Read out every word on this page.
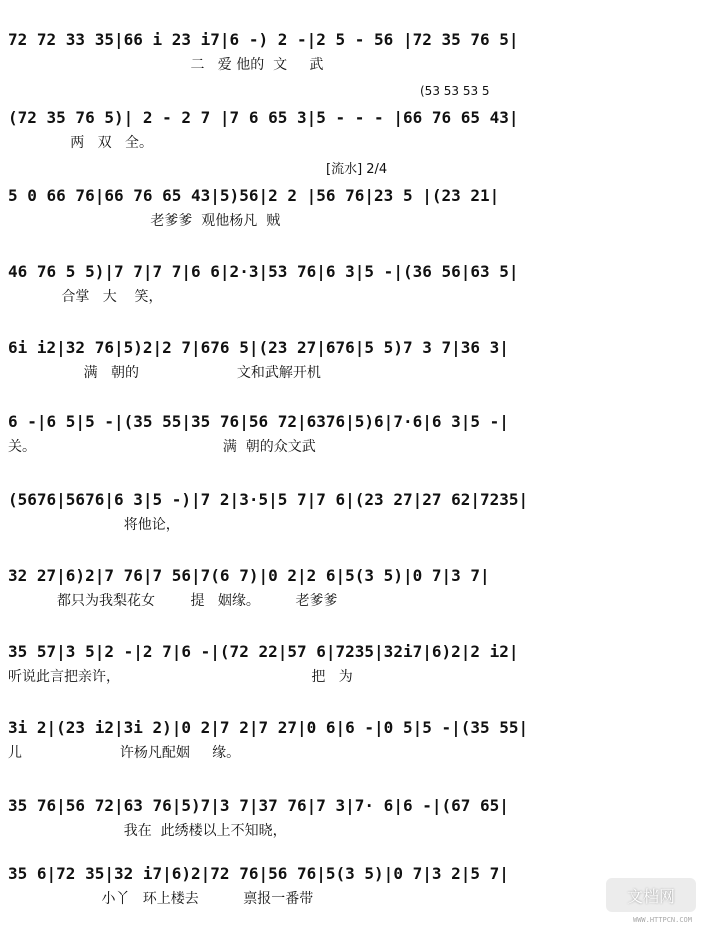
72 72 33 35|66 i 23 i7|6 -) 2 -|2 5 - 56 |72 35 76 5|
二   爱 他的  文     武
(53 53 53 5
(72 35 76 5)| 2 - 2 7 |7 6 65 3|5 - - - |66 76 65 43|
两   双   全。
[流水] 2/4
5 0 66 76|66 76 65 43|5)56|2 2 |56 76|23 5 |(23 21|
老爹爹  观他杨凡  贼
46 76 5 5)|7 7|7 7|6 6|2·3|53 76|6 3|5 -|(36 56|63 5|
合掌   大    笑，
6i i2|32 76|5)2|2 7|676 5|(23 27|676|5 5)7 3 7|36 3|
满   朝的                      文和武解开机
6 -|6 5|5 -|(35 55|35 76|56 72|6376|5)6|7·6|6 3|5 -|
关。                                          满  朝的众文武
(5676|5676|6 3|5 -)|7 2|3·5|5 7|7 6|(23 27|27 62|7235|
将他论，
32 27|6)2|7 76|7 56|7(6 7)|0 2|2 6|5(3 5)|0 7|3 7|
都只为我梨花女        提   姻缘。        老爹爹
35 57|3 5|2 -|2 7|6 -|(72 22|57 6|7235|32i7|6)2|2 i2|
听说此言把亲许，                                           把   为
3i 2|(23 i2|3i 2)|0 2|7 2|7 27|0 6|6 -|0 5|5 -|(35 55|
儿                      许杨凡配姻     缘。
35 76|56 72|63 76|5)7|3 7|37 76|7 3|7· 6|6 -|(67 65|
我在  此绣楼以上不知晓，
35 6|72 35|32 i7|6)2|72 76|56 76|5(3 5)|0 7|3 2|5 7|
小丫   环上楼去          禀报一番带	文档网
WWW.HTTPCN.COM
